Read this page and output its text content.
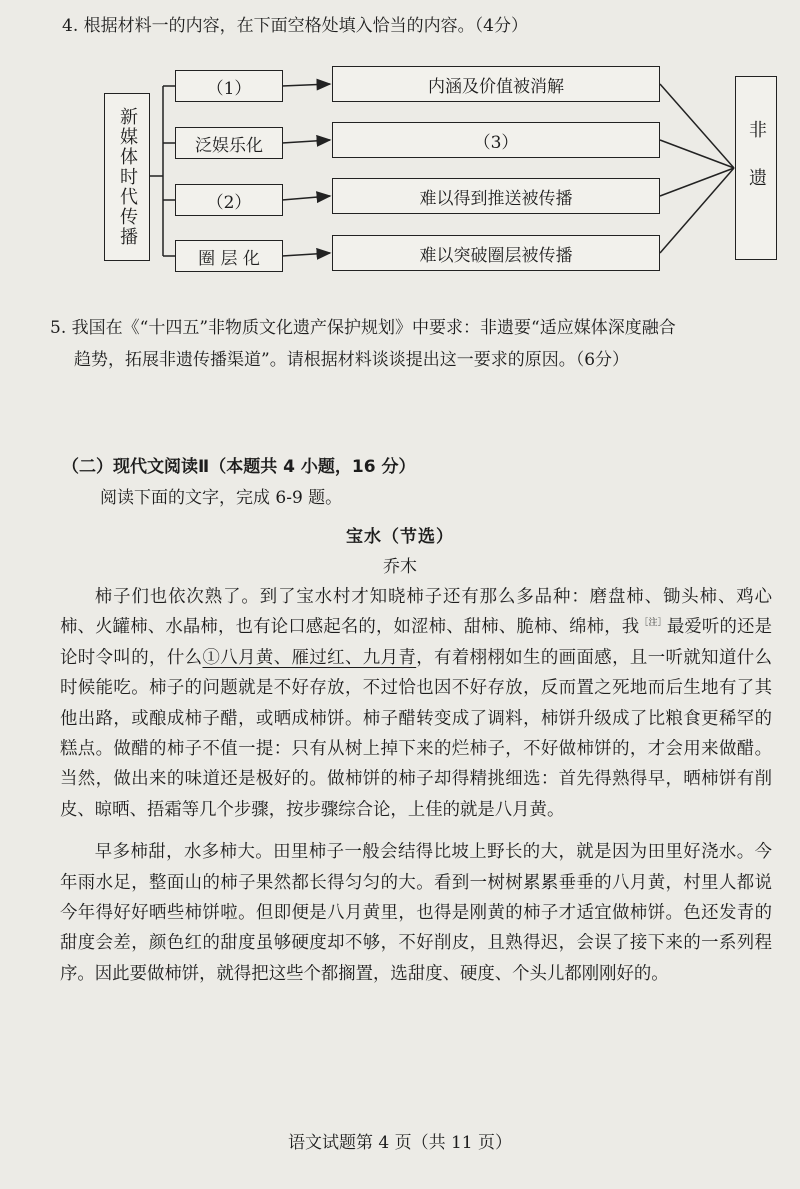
4. 根据材料一的内容，在下面空格处填入恰当的内容。（4分）
新媒体时代传播
（1）
泛娱乐化
（2）
圈 层 化
内涵及价值被消解
（3）
难以得到推送被传播
难以突破圈层被传播
非遗
5. 我国在《“十四五”非物质文化遗产保护规划》中要求：非遗要“适应媒体深度融合
趋势，拓展非遗传播渠道”。请根据材料谈谈提出这一要求的原因。（6分）
（二）现代文阅读Ⅱ（本题共 4 小题，16 分）
阅读下面的文字，完成 6-9 题。
宝水（节选）
乔木

柿子们也依次熟了。到了宝水村才知晓柿子还有那么多品种：磨盘柿、锄头柿、鸡心柿、火罐柿、水晶柿，也有论口感起名的，如涩柿、甜柿、脆柿、绵柿，我$^{[注]}$最爱听的还是论时令叫的，什么①八月黄、雁过红、九月青，有着栩栩如生的画面感，且一听就知道什么时候能吃。柿子的问题就是不好存放，不过恰也因不好存放，反而置之死地而后生地有了其他出路，或酿成柿子醋，或晒成柿饼。柿子醋转变成了调料，柿饼升级成了比粮食更稀罕的糕点。做醋的柿子不值一提：只有从树上掉下来的烂柿子，不好做柿饼的，才会用来做醋。当然，做出来的味道还是极好的。做柿饼的柿子却得精挑细选：首先得熟得早，晒柿饼有削皮、晾晒、捂霜等几个步骤，按步骤综合论，上佳的就是八月黄。

早多柿甜，水多柿大。田里柿子一般会结得比坡上野长的大，就是因为田里好浇水。今年雨水足，整面山的柿子果然都长得匀匀的大。看到一树树累累垂垂的八月黄，村里人都说今年得好好晒些柿饼啦。但即便是八月黄里，也得是刚黄的柿子才适宜做柿饼。色还发青的甜度会差，颜色红的甜度虽够硬度却不够，不好削皮，且熟得迟，会误了接下来的一系列程序。因此要做柿饼，就得把这些个都搁置，选甜度、硬度、个头儿都刚刚好的。

语文试题第 4 页（共 11 页）
